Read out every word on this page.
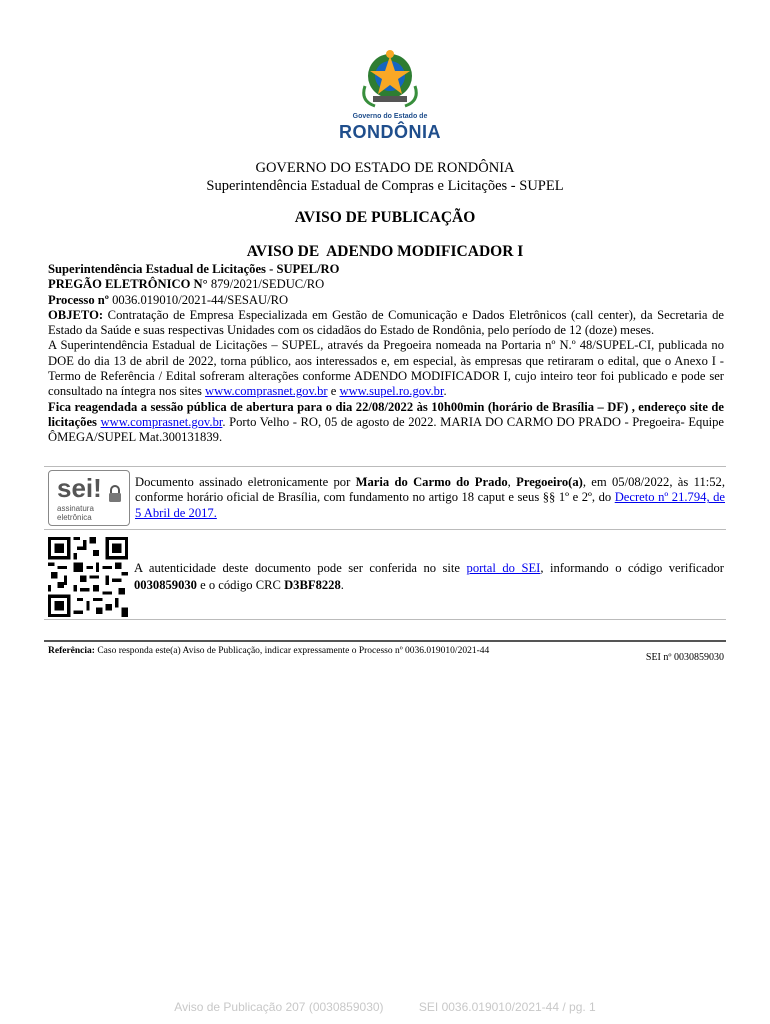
Governo do Estado de
RONDÔNIA
GOVERNO DO ESTADO DE RONDÔNIA
Superintendência Estadual de Compras e Licitações - SUPEL
AVISO DE PUBLICAÇÃO
AVISO DE  ADENDO MODIFICADOR I

Superintendência Estadual de Licitações - SUPEL/RO

PREGÃO ELETRÔNICO N° 879/2021/SEDUC/RO

Processo nº 0036.019010/2021-44/SESAU/RO

OBJETO: Contratação de Empresa Especializada em Gestão de Comunicação e Dados Eletrônicos (call center), da Secretaria de Estado da Saúde e suas respectivas Unidades com os cidadãos do Estado de Rondônia, pelo período de 12 (doze) meses.

A Superintendência Estadual de Licitações – SUPEL, através da Pregoeira nomeada na Portaria nº N.º 48/SUPEL-CI, publicada no DOE do dia 13 de abril de 2022, torna público, aos interessados e, em especial, às empresas que retiraram o edital, que o Anexo I - Termo de Referência / Edital sofreram alterações conforme ADENDO MODIFICADOR I, cujo inteiro teor foi publicado e pode ser consultado na íntegra nos sites www.comprasnet.gov.br e www.supel.ro.gov.br.

Fica reagendada a sessão pública de abertura para o dia 22/08/2022 às 10h00min (horário de Brasília – DF) , endereço site de licitações www.comprasnet.gov.br. Porto Velho - RO, 05 de agosto de 2022. MARIA DO CARMO DO PRADO - Pregoeira- Equipe ÔMEGA/SUPEL Mat.300131839.

sei!
assinatura
eletrônica
Documento assinado eletronicamente por Maria do Carmo do Prado, Pregoeiro(a), em 05/08/2022, às 11:52, conforme horário oficial de Brasília, com fundamento no artigo 18 caput e seus §§ 1º e 2º, do Decreto nº 21.794, de 5 Abril de 2017.
A autenticidade deste documento pode ser conferida no site portal do SEI, informando o código verificador 0030859030 e o código CRC D3BF8228.
Referência: Caso responda este(a) Aviso de Publicação, indicar expressamente o Processo nº 0036.019010/2021-44
SEI nº 0030859030
Aviso de Publicação 207 (0030859030)	SEI 0036.019010/2021-44 / pg. 1
